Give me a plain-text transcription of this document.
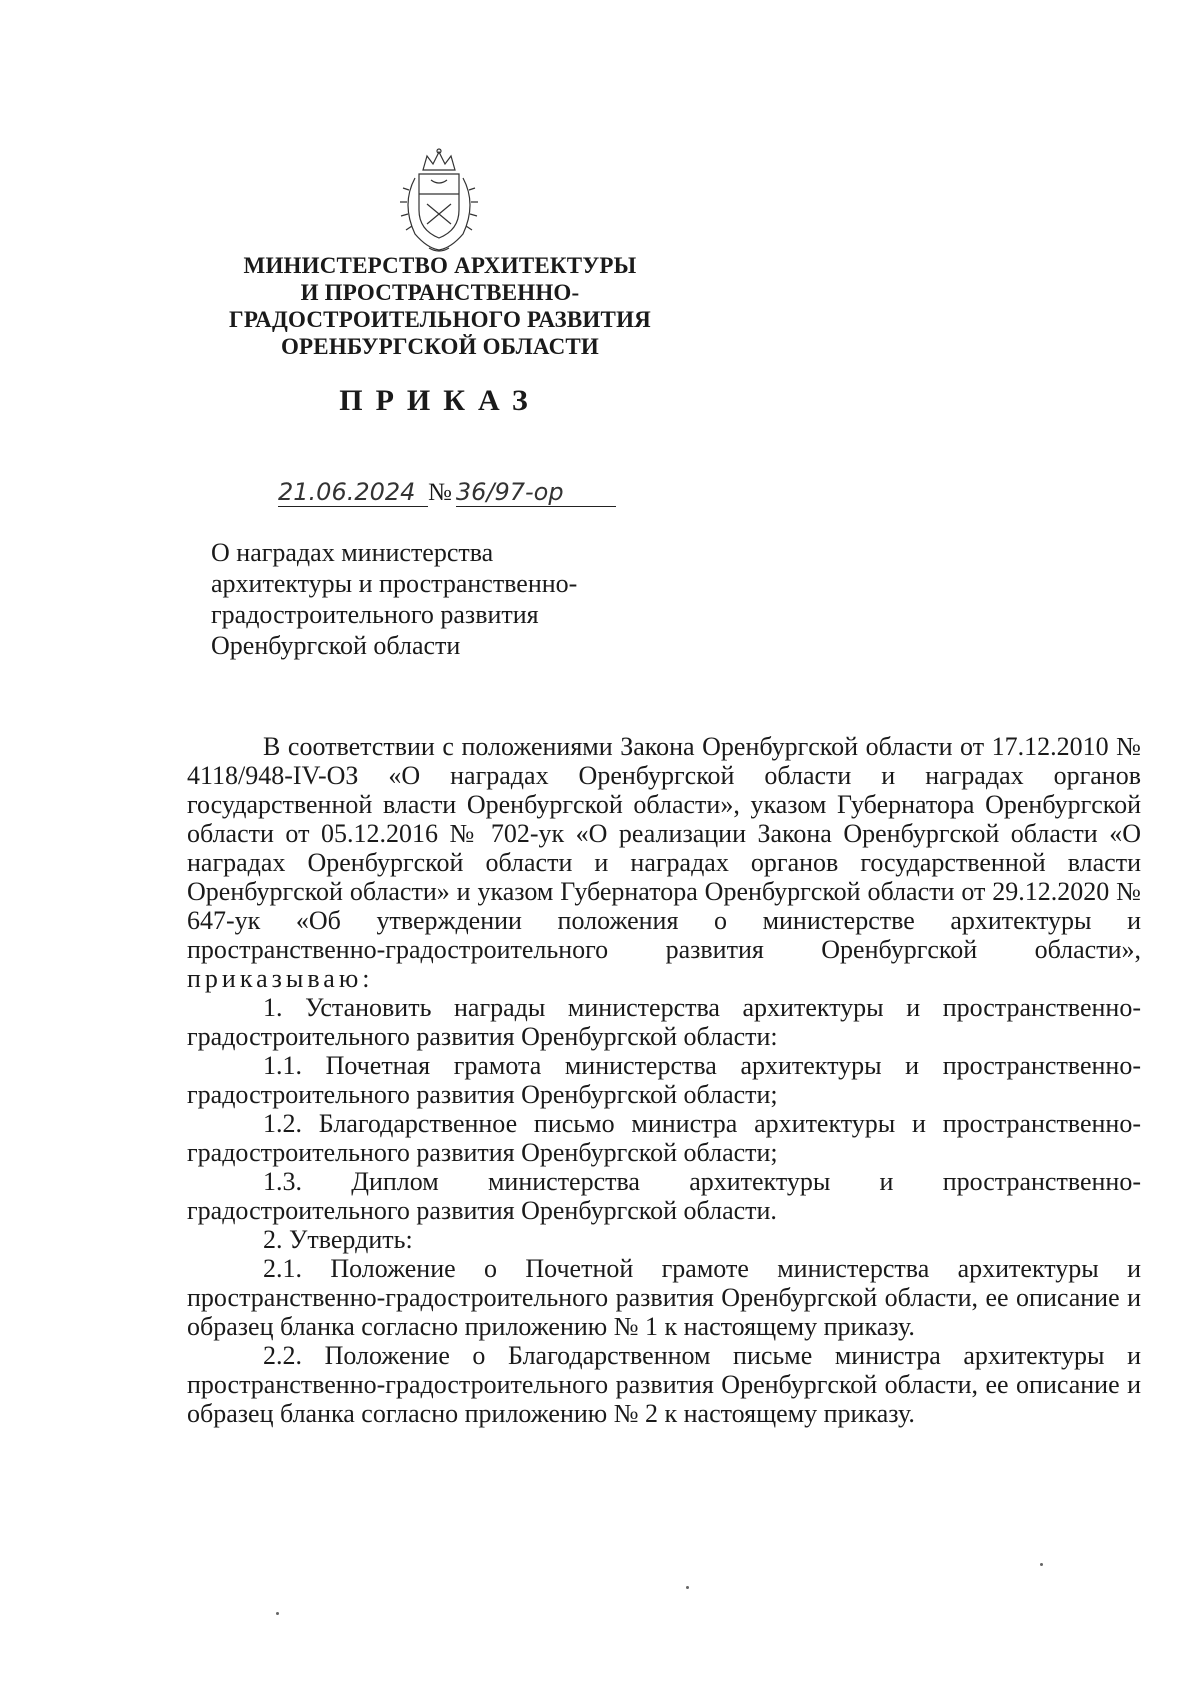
МИНИСТЕРСТВО АРХИТЕКТУРЫ
И ПРОСТРАНСТВЕННО-
ГРАДОСТРОИТЕЛЬНОГО РАЗВИТИЯ
ОРЕНБУРГСКОЙ ОБЛАСТИ
ПРИКАЗ
21.06.2024 № 36/97-ор
О наградах министерства
архитектуры и пространственно-
градостроительного развития
Оренбургской области

В соответствии с положениями Закона Оренбургской области от 17.12.2010 № 4118/948-IV-ОЗ «О наградах Оренбургской области и наградах органов государственной власти Оренбургской области», указом Губернатора Оренбургской области от 05.12.2016 № 702-ук «О реализации Закона Оренбургской области «О наградах Оренбургской области и наградах органов государственной власти Оренбургской области» и указом Губернатора Оренбургской области от 29.12.2020 № 647-ук «Об утверждении положения о министерстве архитектуры и пространственно-градостроительного развития Оренбургской области», приказываю:

1. Установить награды министерства архитектуры и пространственно-градостроительного развития Оренбургской области:

1.1. Почетная грамота министерства архитектуры и пространственно-градостроительного развития Оренбургской области;

1.2. Благодарственное письмо министра архитектуры и пространственно-градостроительного развития Оренбургской области;

1.3. Диплом министерства архитектуры и пространственно-градостроительного развития Оренбургской области.

2. Утвердить:

2.1. Положение о Почетной грамоте министерства архитектуры и пространственно-градостроительного развития Оренбургской области, ее описание и образец бланка согласно приложению № 1 к настоящему приказу.

2.2. Положение о Благодарственном письме министра архитектуры и пространственно-градостроительного развития Оренбургской области, ее описание и образец бланка согласно приложению № 2 к настоящему приказу.
